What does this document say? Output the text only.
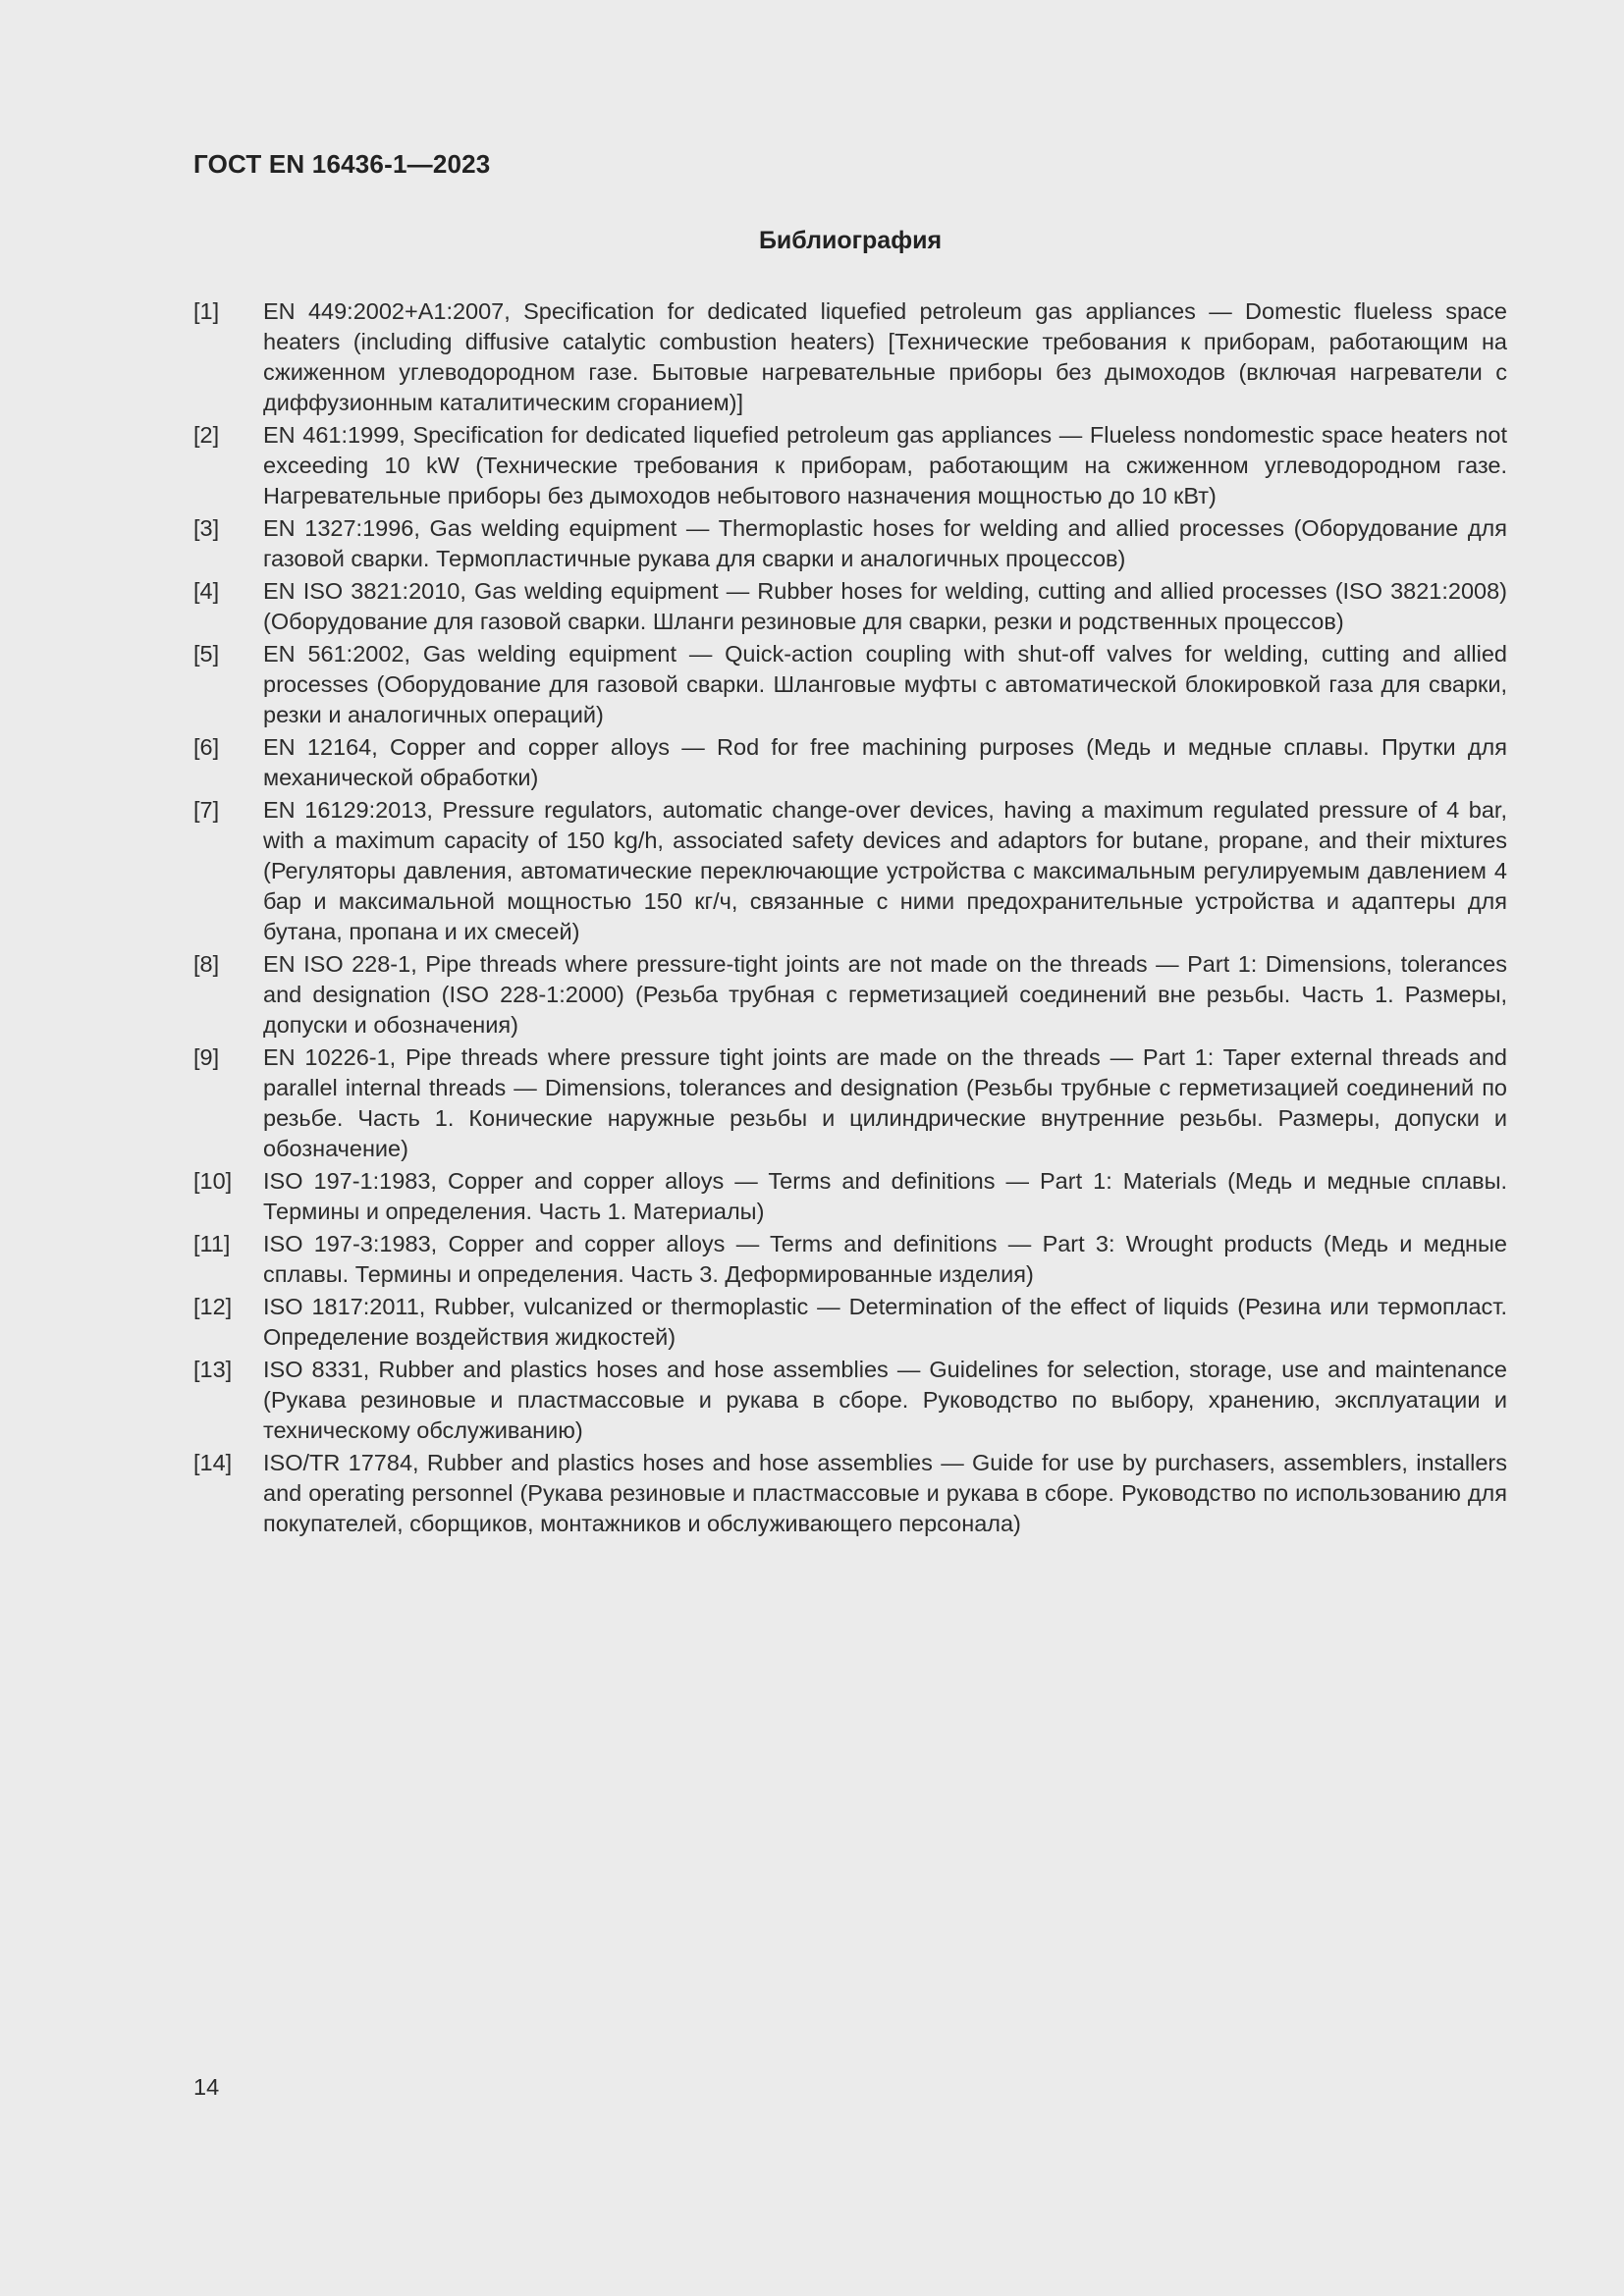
ГОСТ EN 16436-1—2023
Библиография
[1]	EN 449:2002+A1:2007, Specification for dedicated liquefied petroleum gas appliances — Domestic flueless space heaters (including diffusive catalytic combustion heaters) [Технические требования к приборам, работающим на сжиженном углеводородном газе. Бытовые нагревательные приборы без дымоходов (включая нагреватели с диффузионным каталитическим сгоранием)]
[2]	EN 461:1999, Specification for dedicated liquefied petroleum gas appliances — Flueless nondomestic space heaters not exceeding 10 kW (Технические требования к приборам, работающим на сжиженном углеводородном газе. Нагревательные приборы без дымоходов небытового назначения мощностью до 10 кВт)
[3]	EN 1327:1996, Gas welding equipment — Thermoplastic hoses for welding and allied processes (Оборудование для газовой сварки. Термопластичные рукава для сварки и аналогичных процессов)
[4]	EN ISO 3821:2010, Gas welding equipment — Rubber hoses for welding, cutting and allied processes (ISO 3821:2008) (Оборудование для газовой сварки. Шланги резиновые для сварки, резки и родственных процессов)
[5]	EN 561:2002, Gas welding equipment — Quick-action coupling with shut-off valves for welding, cutting and allied processes (Оборудование для газовой сварки. Шланговые муфты с автоматической блокировкой газа для сварки, резки и аналогичных операций)
[6]	EN 12164, Copper and copper alloys — Rod for free machining purposes (Медь и медные сплавы. Прутки для механической обработки)
[7]	EN 16129:2013, Pressure regulators, automatic change-over devices, having a maximum regulated pressure of 4 bar, with a maximum capacity of 150 kg/h, associated safety devices and adaptors for butane, propane, and their mixtures (Регуляторы давления, автоматические переключающие устройства с максимальным регулируемым давлением 4 бар и максимальной мощностью 150 кг/ч, связанные с ними предохранительные устройства и адаптеры для бутана, пропана и их смесей)
[8]	EN ISO 228-1, Pipe threads where pressure-tight joints are not made on the threads — Part 1: Dimensions, tolerances and designation (ISO 228-1:2000) (Резьба трубная с герметизацией соединений вне резьбы. Часть 1. Размеры, допуски и обозначения)
[9]	EN 10226-1, Pipe threads where pressure tight joints are made on the threads — Part 1: Taper external threads and parallel internal threads — Dimensions, tolerances and designation (Резьбы трубные с герметизацией соединений по резьбе. Часть 1. Конические наружные резьбы и цилиндрические внутренние резьбы. Размеры, допуски и обозначение)
[10]	ISO 197-1:1983, Copper and copper alloys — Terms and definitions — Part 1: Materials (Медь и медные сплавы. Термины и определения. Часть 1. Материалы)
[11]	ISO 197-3:1983, Copper and copper alloys — Terms and definitions — Part 3: Wrought products (Медь и медные сплавы. Термины и определения. Часть 3. Деформированные изделия)
[12]	ISO 1817:2011, Rubber, vulcanized or thermoplastic — Determination of the effect of liquids (Резина или термопласт. Определение воздействия жидкостей)
[13]	ISO 8331, Rubber and plastics hoses and hose assemblies — Guidelines for selection, storage, use and maintenance (Рукава резиновые и пластмассовые и рукава в сборе. Руководство по выбору, хранению, эксплуатации и техническому обслуживанию)
[14]	ISO/TR 17784, Rubber and plastics hoses and hose assemblies — Guide for use by purchasers, assemblers, installers and operating personnel (Рукава резиновые и пластмассовые и рукава в сборе. Руководство по использованию для покупателей, сборщиков, монтажников и обслуживающего персонала)
14
